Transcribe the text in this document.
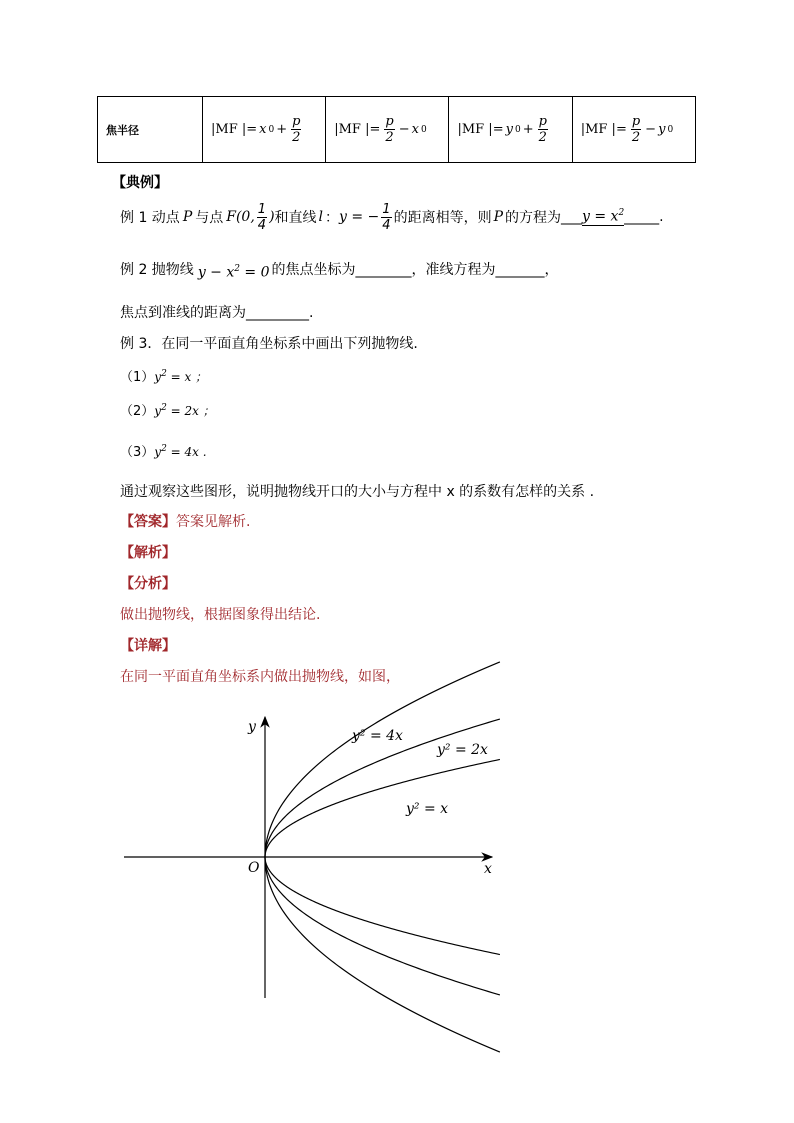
焦半径	|MF |= x $0 + \frac{p}{2}$	|MF |= $\frac{p}{2} - x$ 0	|MF |= y $0 + \frac{p}{2}$	|MF |= $\frac{p}{2} - y$ 0
【典例】
例 1 动点 P 与点 F(0, $\frac{1}{4}$ ) 和直线 l ： y = − $\frac{1}{4}$ 的距离相等，则 P 的方程为 ___ $y = x^2$ _____.
例 2 抛物线 $y - x^2 = 0$ 的焦点坐标为________，准线方程为_______，
焦点到准线的距离为_________.
例 3．在同一平面直角坐标系中画出下列抛物线.
$(1)y^2 = x$ ；
$(2)y^2 = 2x$ ；
$(3)y^2 = 4x$ .
通过观察这些图形，说明抛物线开口的大小与方程中 x 的系数有怎样的关系 .
【答案】答案见解析.
【解析】
【分析】
做出抛物线，根据图象得出结论.
【详解】
在同一平面直角坐标系内做出抛物线，如图，
x
y
O
y² = 4x
y² = 2x
y² = x
